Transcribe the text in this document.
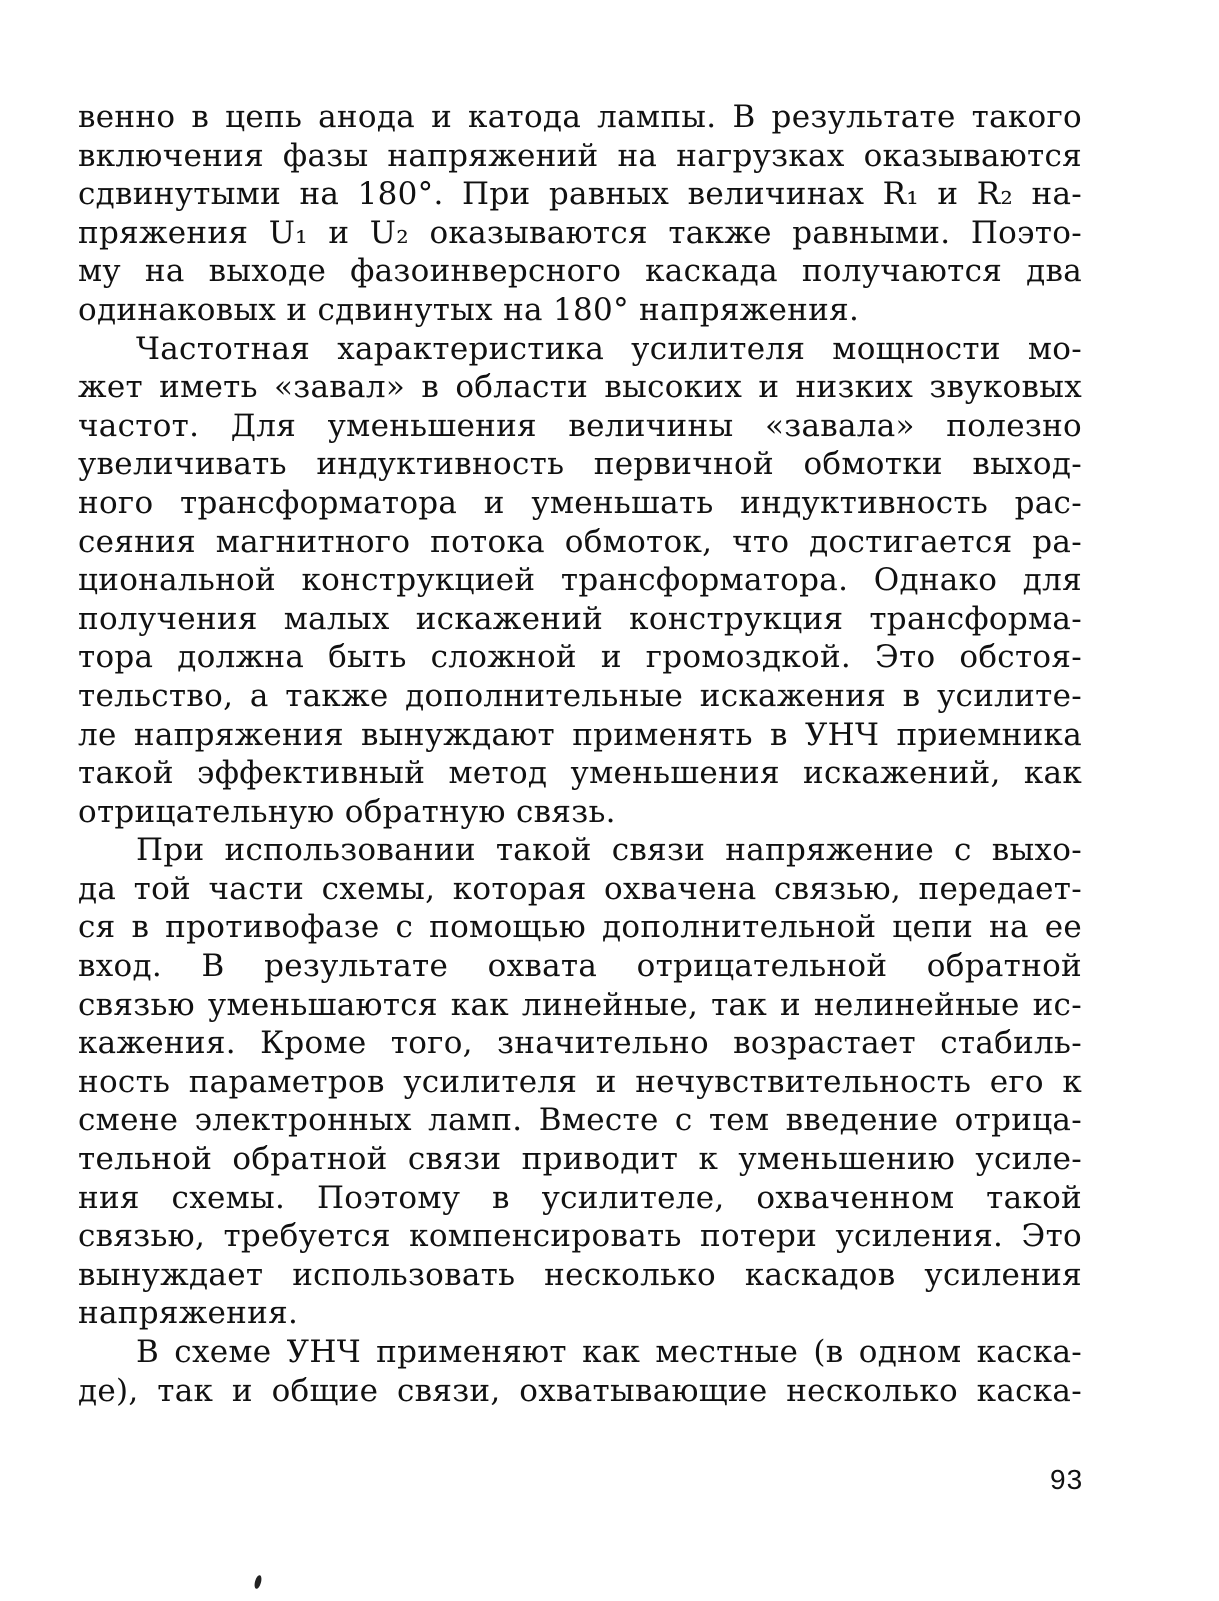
венно в цепь анода и катода лампы. В результате такого
включения фазы напряжений на нагрузках оказываются
сдвинутыми на 180°. При равных величинах R₁ и R₂ на-
пряжения U₁ и U₂ оказываются также равными. Поэто-
му на выходе фазоинверсного каскада получаются два
одинаковых и сдвинутых на 180° напряжения.
Частотная характеристика усилителя мощности мо-
жет иметь «завал» в области высоких и низких звуковых
частот. Для уменьшения величины «завала» полезно
увеличивать индуктивность первичной обмотки выход-
ного трансформатора и уменьшать индуктивность рас-
сеяния магнитного потока обмоток, что достигается ра-
циональной конструкцией трансформатора. Однако для
получения малых искажений конструкция трансформа-
тора должна быть сложной и громоздкой. Это обстоя-
тельство, а также дополнительные искажения в усилите-
ле напряжения вынуждают применять в УНЧ приемника
такой эффективный метод уменьшения искажений, как
отрицательную обратную связь.
При использовании такой связи напряжение с выхо-
да той части схемы, которая охвачена связью, передает-
ся в противофазе с помощью дополнительной цепи на ее
вход. В результате охвата отрицательной обратной
связью уменьшаются как линейные, так и нелинейные ис-
кажения. Кроме того, значительно возрастает стабиль-
ность параметров усилителя и нечувствительность его к
смене электронных ламп. Вместе с тем введение отрица-
тельной обратной связи приводит к уменьшению усиле-
ния схемы. Поэтому в усилителе, охваченном такой
связью, требуется компенсировать потери усиления. Это
вынуждает использовать несколько каскадов усиления
напряжения.
В схеме УНЧ применяют как местные (в одном каска-
де), так и общие связи, охватывающие несколько каска-
93
